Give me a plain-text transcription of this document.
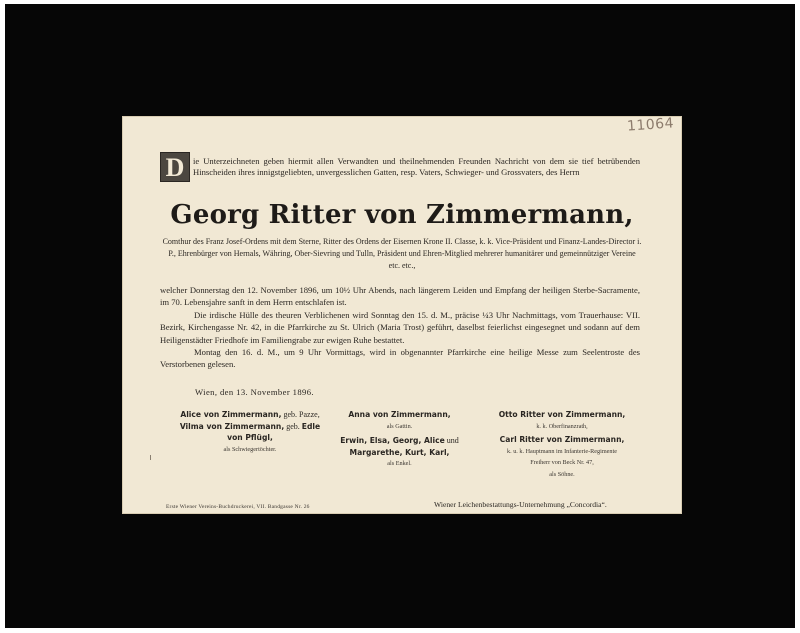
11064
D	ie Unterzeichneten geben hiermit allen Verwandten und theilnehmenden Freunden Nachricht von dem sie tief betrübenden Hinscheiden ihres innigstgeliebten, unvergesslichen Gatten, resp. Vaters, Schwieger- und Grossvaters, des Herrn
Georg Ritter von Zimmermann,
Comthur des Franz Josef-Ordens mit dem Sterne, Ritter des Ordens der Eisernen Krone II. Classe, k. k. Vice-Präsident und Finanz-Landes-Director i. P., Ehrenbürger von Hernals, Währing, Ober-Sievring und Tulln, Präsident und Ehren-Mitglied mehrerer humanitärer und gemeinnütziger Vereine etc. etc.,

welcher Donnerstag den 12. November 1896, um 10½ Uhr Abends, nach längerem Leiden und Empfang der heiligen Sterbe-Sacramente, im 70. Lebensjahre sanft in dem Herrn entschlafen ist.

Die irdische Hülle des theuren Verblichenen wird Sonntag den 15. d. M., präcise ¼3 Uhr Nachmittags, vom Trauerhause: VII. Bezirk, Kirchengasse Nr. 42, in die Pfarrkirche zu St. Ulrich (Maria Trost) geführt, daselbst feierlichst eingesegnet und sodann auf dem Heiligenstädter Friedhofe im Familiengrabe zur ewigen Ruhe bestattet.

Montag den 16. d. M., um 9 Uhr Vormittags, wird in obgenannter Pfarrkirche eine heilige Messe zum Seelentroste des Verstorbenen gelesen.

Wien, den 13. November 1896.
Alice von Zimmermann, geb. Pazze,
Vilma von Zimmermann, geb. Edle
von Pflügl,
als Schwiegertöchter.
Anna von Zimmermann,
als Gattin.
Erwin, Elsa, Georg, Alice und
Margarethe, Kurt, Karl,
als Enkel.
Otto Ritter von Zimmermann,
k. k. Oberfinanzrath,
Carl Ritter von Zimmermann,
k. u. k. Hauptmann im Infanterie-Regimente
Freiherr von Beck Nr. 47,
als Söhne.
Erste Wiener Vereins-Buchdruckerei, VII. Bandgasse Nr. 26	Wiener Leichenbestattungs-Unternehmung „Concordia“.
